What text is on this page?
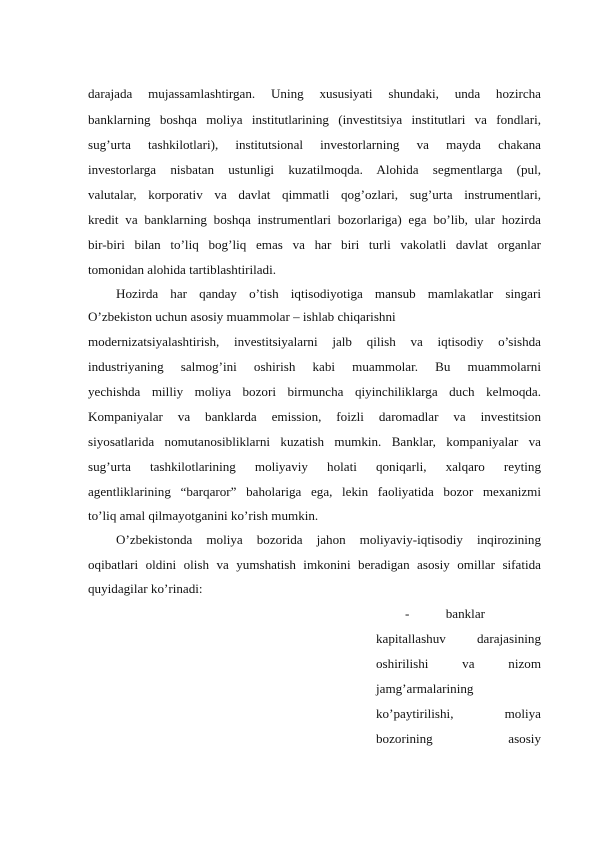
darajada mujassamlashtirgan. Uning xususiyati shundaki, unda hozircha
banklarning boshqa moliya institutlarining (investitsiya institutlari va fondlari,
sug’urta tashkilotlari), institutsional investorlarning va mayda chakana
investorlarga nisbatan ustunligi kuzatilmoqda. Alohida segmentlarga (pul,
valutalar, korporativ va davlat qimmatli qog’ozlari, sug’urta instrumentlari,
kredit va banklarning boshqa instrumentlari bozorlariga) ega bo’lib, ular hozirda
bir-biri bilan to’liq bog’liq emas va har biri turli vakolatli davlat organlar
tomonidan alohida tartiblashtiriladi.
Hozirda har qanday o’tish iqtisodiyotiga mansub mamlakatlar singari
O’zbekiston uchun asosiy muammolar – ishlab chiqarishni
modernizatsiyalashtirish, investitsiyalarni jalb qilish va iqtisodiy o’sishda
industriyaning salmog’ini oshirish kabi muammolar. Bu muammolarni
yechishda milliy moliya bozori birmuncha qiyinchiliklarga duch kelmoqda.
Kompaniyalar va banklarda emission, foizli daromadlar va investitsion
siyosatlarida nomutanosibliklarni kuzatish mumkin. Banklar, kompaniyalar va
sug’urta tashkilotlarining moliyaviy holati qoniqarli, xalqaro reyting
agentliklarining “barqaror” baholariga ega, lekin faoliyatida bozor mexanizmi
to’liq amal qilmayotganini ko’rish mumkin.
O’zbekistonda moliya bozorida jahon moliyaviy-iqtisodiy inqirozining
oqibatlari oldini olish va yumshatish imkonini beradigan asosiy omillar sifatida
quyidagilar ko’rinadi:
- banklar
kapitallashuv darajasining
oshirilishi va nizom
jamg’armalarining
ko’paytirilishi, moliya
bozorining asosiy
